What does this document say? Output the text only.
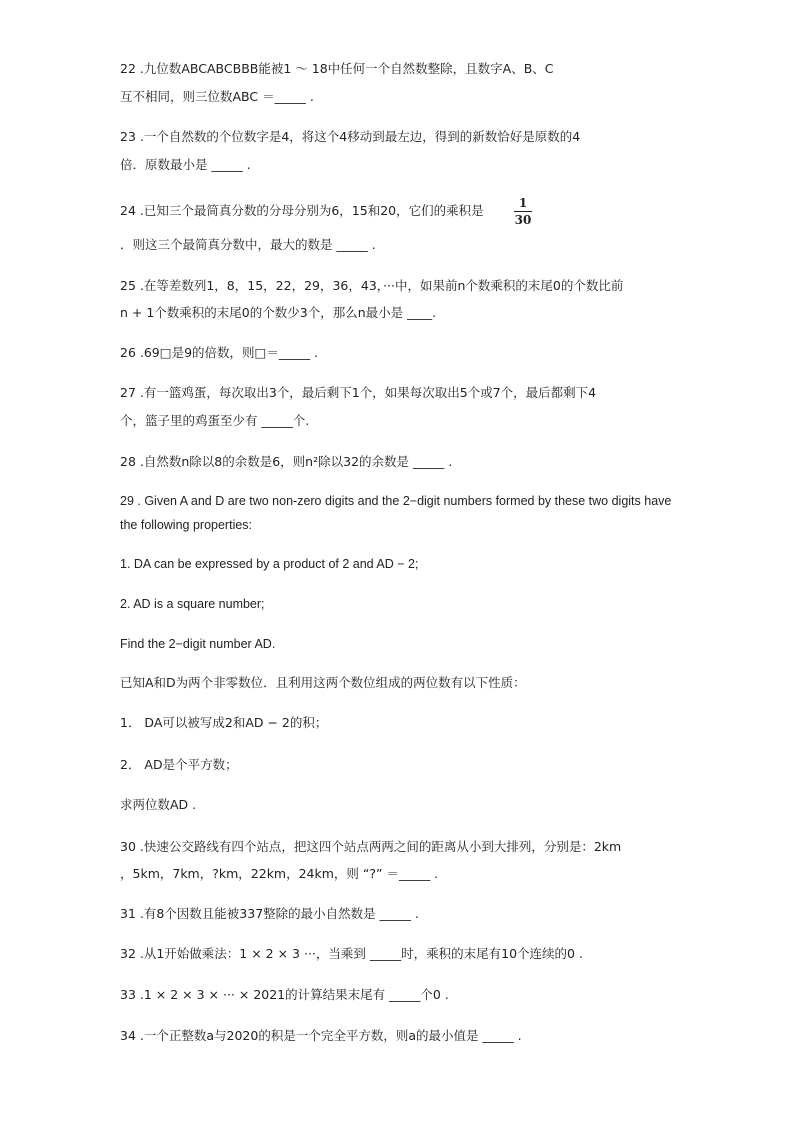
22 .九位数ABCABCBBB能被1 ～ 18中任何一个自然数整除，且数字A、B、C
互不相同，则三位数ABC ＝_____ .
23 .一个自然数的个位数字是4，将这个4移动到最左边，得到的新数恰好是原数的4
倍．原数最小是 _____ .
24 .已知三个最简真分数的分母分别为6，15和20，它们的乘积是	$\frac{1}{30}$
．则这三个最简真分数中，最大的数是 _____ .
25 .在等差数列1，8，15，22，29，36，43，···中，如果前n个数乘积的末尾0的个数比前
n + 1个数乘积的末尾0的个数少3个，那么n最小是 ____.
26 .69□是9的倍数，则□＝_____ .
27 .有一篮鸡蛋，每次取出3个，最后剩下1个，如果每次取出5个或7个，最后都剩下4
个，篮子里的鸡蛋至少有 _____个.
28 .自然数n除以8的余数是6，则n²除以32的余数是 _____ .
29 . Given A and D are two non-zero digits and the 2−digit numbers formed by these two digits have
the following properties:
1. DA can be expressed by a product of 2 and AD − 2;
2. AD is a square number;
Find the 2−digit number AD.
已知A和D为两个非零数位．且利用这两个数位组成的两位数有以下性质：
1． DA可以被写成2和AD − 2的积；
2． AD是个平方数；
求两位数AD .
30 .快速公交路线有四个站点，把这四个站点两两之间的距离从小到大排列，分别是：2km
，5km，7km，?km，22km，24km，则 “?” ＝_____ .
31 .有8个因数且能被337整除的最小自然数是 _____ .
32 .从1开始做乘法：1 × 2 × 3 ···，当乘到 _____时，乘积的末尾有10个连续的0 .
33 .1 × 2 × 3 × ··· × 2021的计算结果末尾有 _____个0 .
34 .一个正整数a与2020的积是一个完全平方数，则a的最小值是 _____ .
